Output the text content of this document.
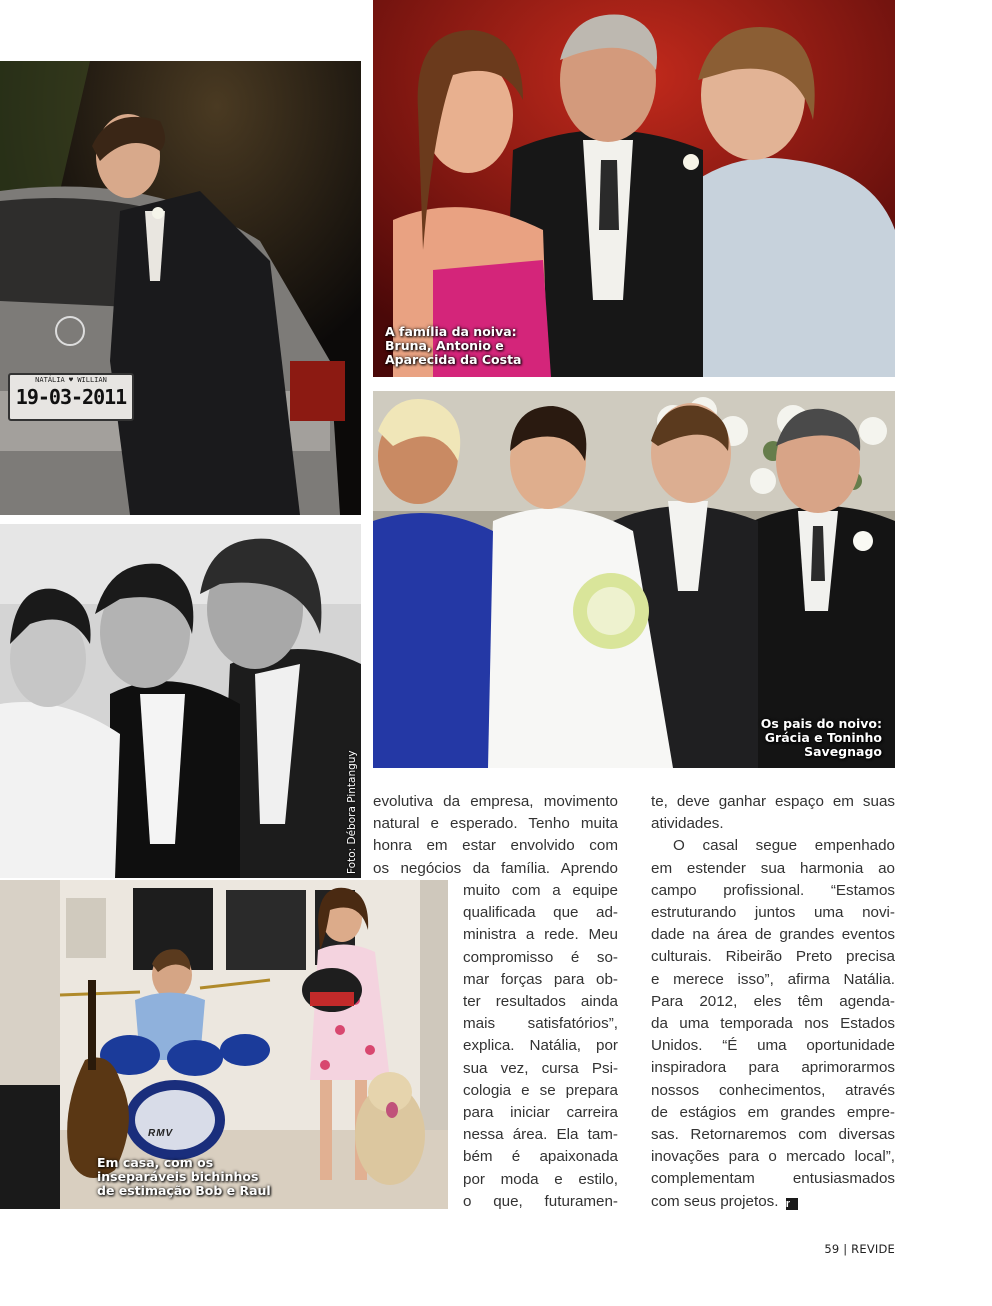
NATÁLIA ♥ WILLIAN
19-03-2011
A família da noiva:
Bruna, Antonio e
Aparecida da Costa
Foto: Débora Pintanguy
Os pais do noivo:
Grácia e Toninho
Savegnago
RMV
Em casa, com os
inseparáveis bichinhos
de estimação Bob e Raul

evolutiva da empresa, movimento

natural e esperado. Tenho muita

honra em estar envolvido com

os negócios da família. Aprendo

muito com a equipe

qualificada que ad-

ministra a rede. Meu

compromisso é so-

mar forças para ob-

ter resultados ainda

mais satisfatórios”,

explica. Natália, por

sua vez, cursa Psi-

cologia e se prepara

para iniciar carreira

nessa área. Ela tam-

bém é apaixonada

por moda e estilo,

o que, futuramen-

te, deve ganhar espaço em suas

atividades.

O casal segue empenhado

em estender sua harmonia ao

campo profissional. “Estamos

estruturando juntos uma novi-

dade na área de grandes eventos

culturais. Ribeirão Preto precisa

e merece isso”, afirma Natália.

Para 2012, eles têm agenda-

da uma temporada nos Estados

Unidos. “É uma oportunidade

inspiradora para aprimorarmos

nossos conhecimentos, através

de estágios em grandes empre-

sas. Retornaremos com diversas

inovações para o mercado local”,

complementam entusiasmados

com seus projetos. r

59 | REVIDE
